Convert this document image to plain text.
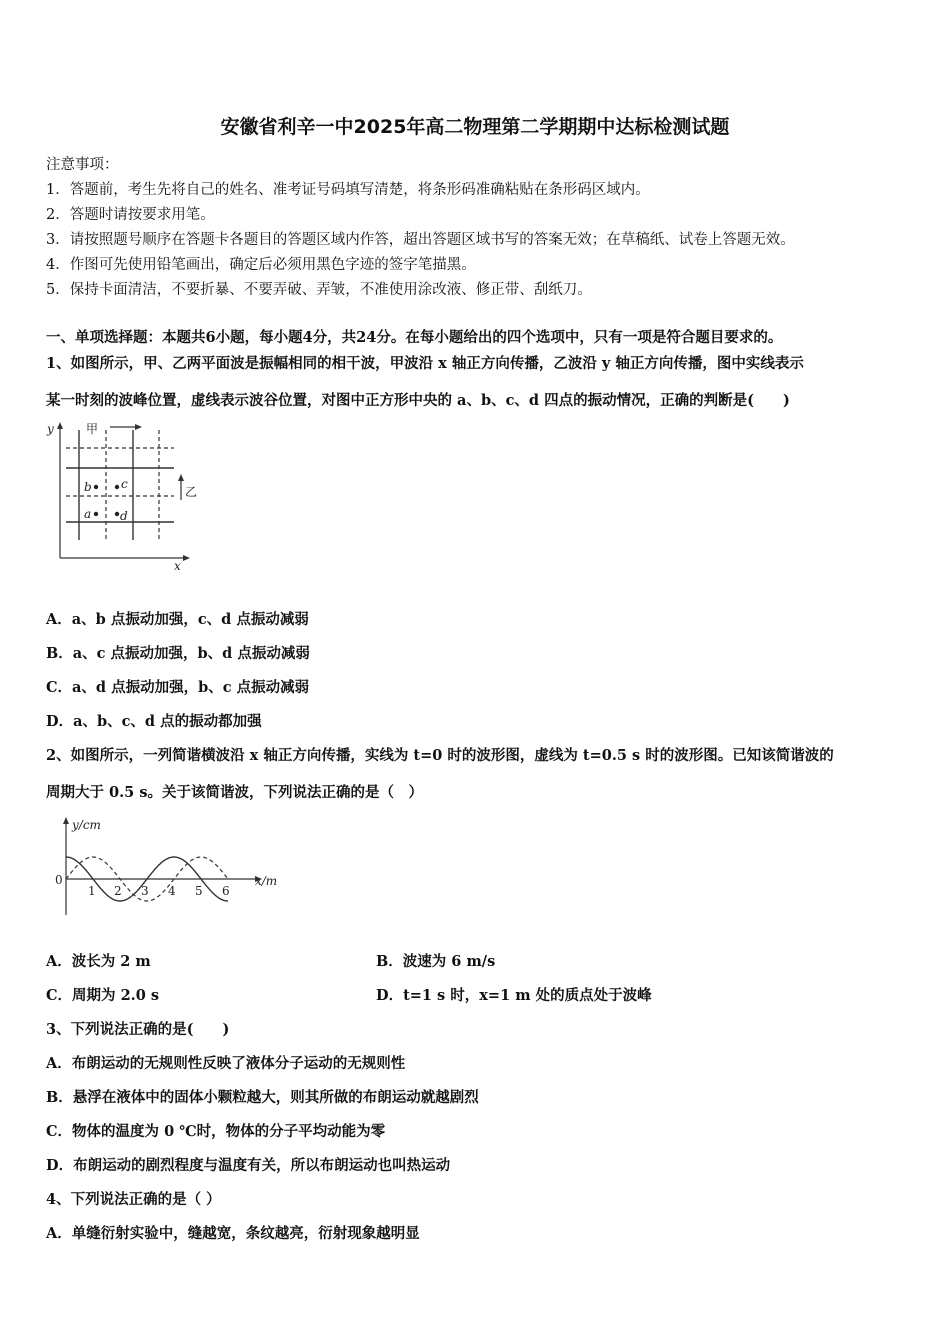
安徽省利辛一中2025年高二物理第二学期期中达标检测试题
注意事项：
1．答题前，考生先将自己的姓名、准考证号码填写清楚，将条形码准确粘贴在条形码区域内。
2．答题时请按要求用笔。
3．请按照题号顺序在答题卡各题目的答题区域内作答，超出答题区域书写的答案无效；在草稿纸、试卷上答题无效。
4．作图可先使用铅笔画出，确定后必须用黑色字迹的签字笔描黑。
5．保持卡面清洁，不要折暴、不要弄破、弄皱，不准使用涂改液、修正带、刮纸刀。
一、单项选择题：本题共6小题，每小题4分，共24分。在每小题给出的四个选项中，只有一项是符合题目要求的。
1、如图所示，甲、乙两平面波是振幅相同的相干波，甲波沿 x 轴正方向传播，乙波沿 y 轴正方向传播，图中实线表示
某一时刻的波峰位置，虚线表示波谷位置，对图中正方形中央的 a、b、c、d 四点的振动情况，正确的判断是(　　)
y
x
甲
乙
b c
a d
A．a、b 点振动加强，c、d 点振动减弱
B．a、c 点振动加强，b、d 点振动减弱
C．a、d 点振动加强，b、c 点振动减弱
D．a、b、c、d 点的振动都加强
2、如图所示，一列简谐横波沿 x 轴正方向传播，实线为 t=0 时的波形图，虚线为 t=0.5 s 时的波形图。已知该简谐波的
周期大于 0.5 s。关于该简谐波，下列说法正确的是（　）
y/cm
x/m
0
1 2 3 4 5 6
A．波长为 2 m	B．波速为 6 m/s
C．周期为 2.0 s	D．t=1 s 时，x=1 m 处的质点处于波峰
3、下列说法正确的是(　　)
A．布朗运动的无规则性反映了液体分子运动的无规则性
B．悬浮在液体中的固体小颗粒越大，则其所做的布朗运动就越剧烈
C．物体的温度为 0 ℃时，物体的分子平均动能为零
D．布朗运动的剧烈程度与温度有关，所以布朗运动也叫热运动
4、下列说法正确的是（ ）
A．单缝衍射实验中，缝越宽，条纹越亮，衍射现象越明显
